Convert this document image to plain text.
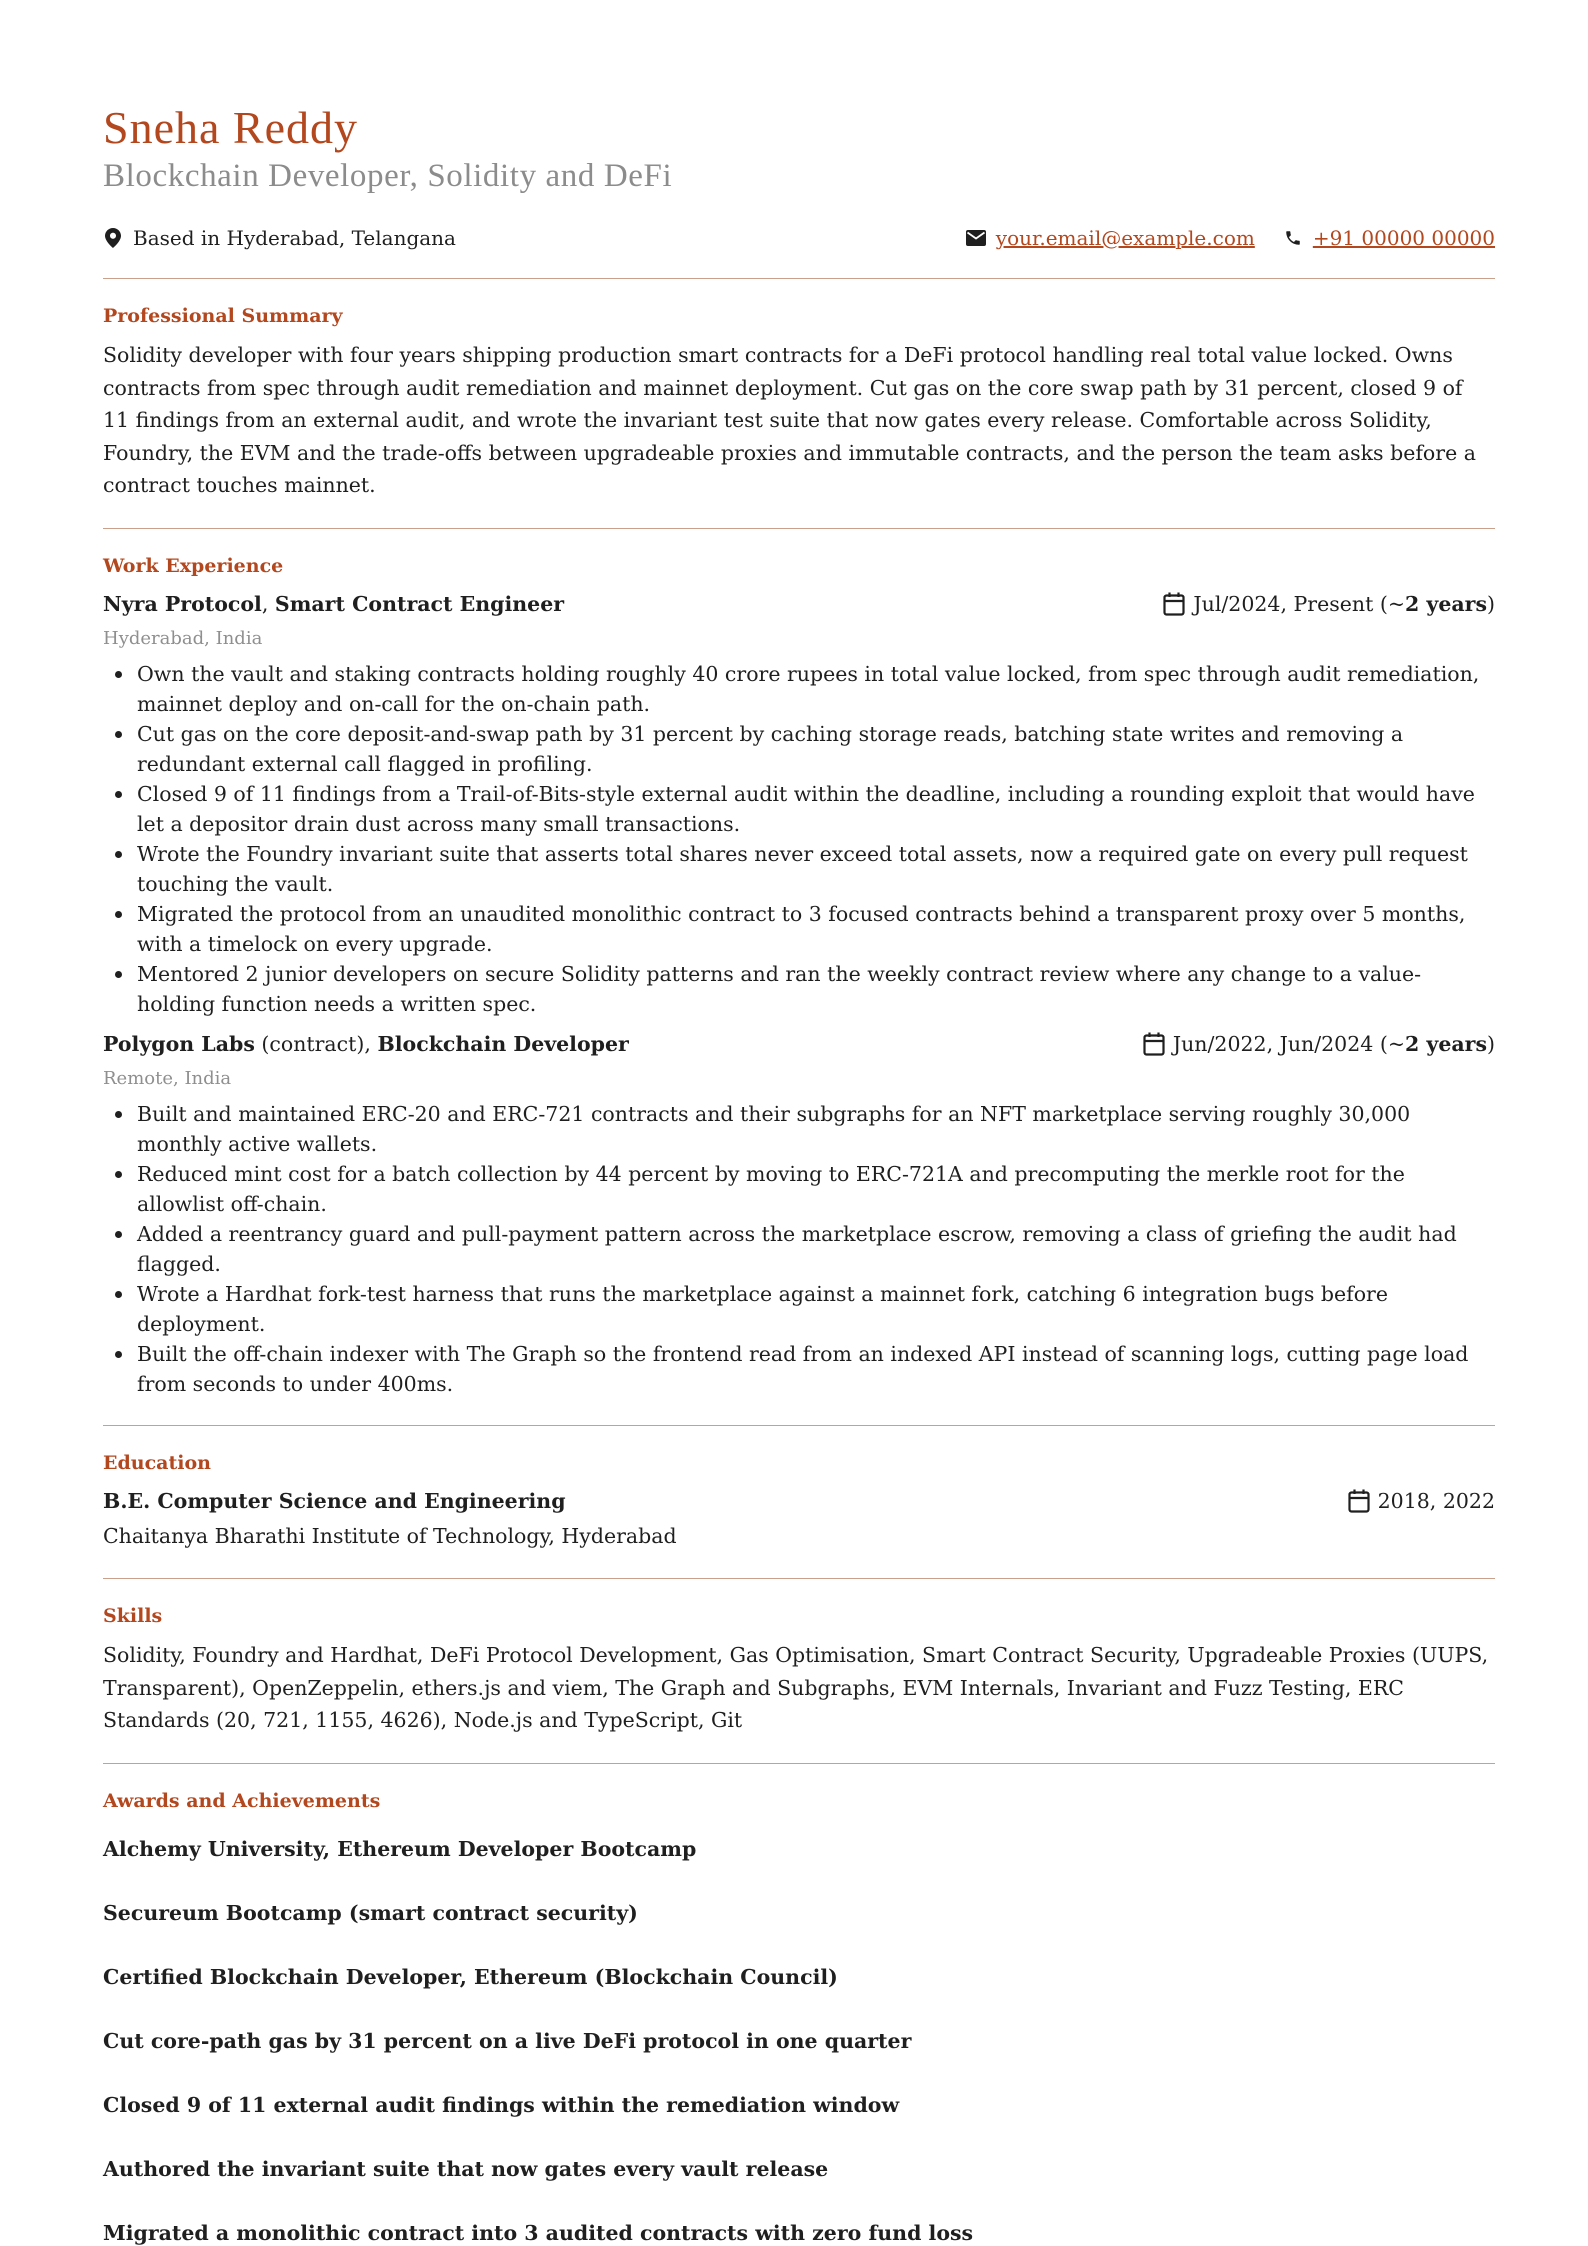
Sneha Reddy
Blockchain Developer, Solidity and DeFi
Based in Hyderabad, Telangana	your.email@example.com	+91 00000 00000
Professional Summary
Solidity developer with four years shipping production smart contracts for a DeFi protocol handling real total value locked. Owns contracts from spec through audit remediation and mainnet deployment. Cut gas on the core swap path by 31 percent, closed 9 of 11 findings from an external audit, and wrote the invariant test suite that now gates every release. Comfortable across Solidity, Foundry, the EVM and the trade-offs between upgradeable proxies and immutable contracts, and the person the team asks before a contract touches mainnet.
Work Experience
Nyra Protocol, Smart Contract Engineer	Jul/2024, Present (~ 2 years )
Hyderabad, India
Own the vault and staking contracts holding roughly 40 crore rupees in total value locked, from spec through audit remediation, mainnet deploy and on-call for the on-chain path.
Cut gas on the core deposit-and-swap path by 31 percent by caching storage reads, batching state writes and removing a redundant external call flagged in profiling.
Closed 9 of 11 findings from a Trail-of-Bits-style external audit within the deadline, including a rounding exploit that would have let a depositor drain dust across many small transactions.
Wrote the Foundry invariant suite that asserts total shares never exceed total assets, now a required gate on every pull request touching the vault.
Migrated the protocol from an unaudited monolithic contract to 3 focused contracts behind a transparent proxy over 5 months, with a timelock on every upgrade.
Mentored 2 junior developers on secure Solidity patterns and ran the weekly contract review where any change to a value-holding function needs a written spec.
Polygon Labs (contract), Blockchain Developer	Jun/2022, Jun/2024 (~ 2 years )
Remote, India
Built and maintained ERC-20 and ERC-721 contracts and their subgraphs for an NFT marketplace serving roughly 30,000 monthly active wallets.
Reduced mint cost for a batch collection by 44 percent by moving to ERC-721A and precomputing the merkle root for the allowlist off-chain.
Added a reentrancy guard and pull-payment pattern across the marketplace escrow, removing a class of griefing the audit had flagged.
Wrote a Hardhat fork-test harness that runs the marketplace against a mainnet fork, catching 6 integration bugs before deployment.
Built the off-chain indexer with The Graph so the frontend read from an indexed API instead of scanning logs, cutting page load from seconds to under 400ms.
Education
B.E. Computer Science and Engineering	2018, 2022
Chaitanya Bharathi Institute of Technology, Hyderabad
Skills
Solidity, Foundry and Hardhat, DeFi Protocol Development, Gas Optimisation, Smart Contract Security, Upgradeable Proxies (UUPS, Transparent), OpenZeppelin, ethers.js and viem, The Graph and Subgraphs, EVM Internals, Invariant and Fuzz Testing, ERC Standards (20, 721, 1155, 4626), Node.js and TypeScript, Git
Awards and Achievements
Alchemy University, Ethereum Developer Bootcamp
Secureum Bootcamp (smart contract security)
Certified Blockchain Developer, Ethereum (Blockchain Council)
Cut core-path gas by 31 percent on a live DeFi protocol in one quarter
Closed 9 of 11 external audit findings within the remediation window
Authored the invariant suite that now gates every vault release
Migrated a monolithic contract into 3 audited contracts with zero fund loss
